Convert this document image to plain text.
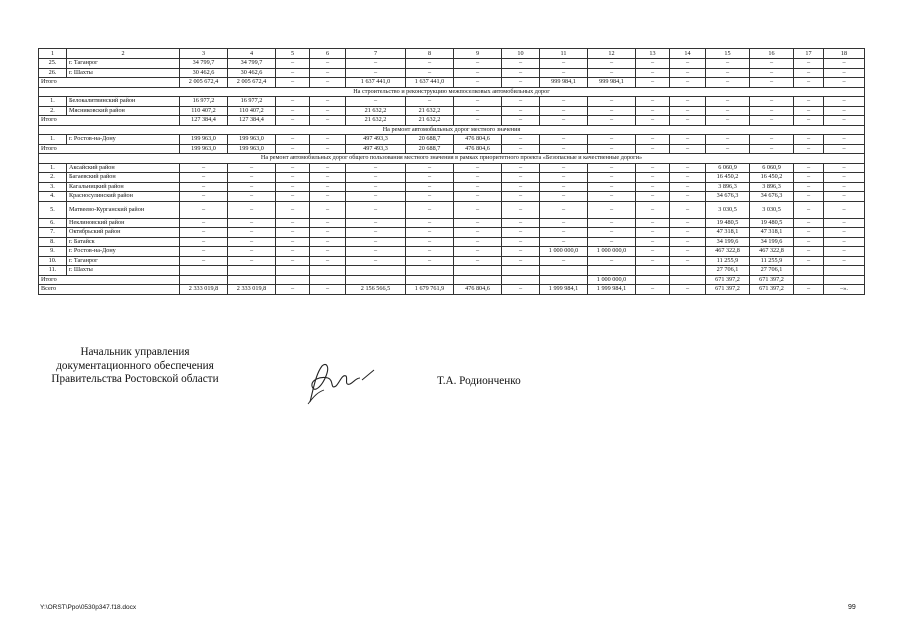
1	2	3	4	5	6	7	8	9	10	11	12	13	14	15	16	17	18
25.	г. Таганрог	34 799,7	34 799,7	–	–	–	–	–	–	–	–	–	–	–	–	–	–
26.	г. Шахты	30 462,6	30 462,6	–	–	–	–	–	–	–	–	–	–	–	–	–	–
Итого		2 005 672,4	2 005 672,4	–	–	1 637 441,0	1 637 441,0	–	–	999 984,1	999 984,1	–	–	–	–	–	–
На строительство и реконструкцию межпоселковых автомобильных дорог																	
1.	Белокалитвинский район	16 977,2	16 977,2	–	–	–	–	–	–	–	–	–	–	–	–	–	–
2.	Мясниковский район	110 407,2	110 407,2	–	–	21 632,2	21 632,2	–	–	–	–	–	–	–	–	–	–
Итого		127 384,4	127 384,4	–	–	21 632,2	21 632,2	–	–	–	–	–	–	–	–	–	–
На ремонт автомобильных дорог местного значения																	
1.	г. Ростов-на-Дону	199 963,0	199 963,0	–	–	497 493,3	20 688,7	476 804,6	–	–	–	–	–	–	–	–	–
Итого		199 963,0	199 963,0	–	–	497 493,3	20 688,7	476 804,6	–	–	–	–	–	–	–	–	–
На ремонт автомобильных дорог общего пользования местного значения в рамках приоритетного проекта «Безопасные и качественные дороги»																	
1.	Аксайский район	–	–	–	–	–	–	–	–	–	–	–	–	6 060,9	6 060,9	–	–
2.	Багаевский район	–	–	–	–	–	–	–	–	–	–	–	–	16 450,2	16 450,2	–	–
3.	Кагальницкий район	–	–	–	–	–	–	–	–	–	–	–	–	3 896,3	3 896,3	–	–
4.	Красносулинский район	–	–	–	–	–	–	–	–	–	–	–	–	34 676,3	34 676,3	–	–
5.	Матвеево-Курганский район	–	–	–	–	–	–	–	–	–	–	–	–	3 030,5	3 030,5	–	–
6.	Неклиновский район	–	–	–	–	–	–	–	–	–	–	–	–	19 480,5	19 480,5	–	–
7.	Октябрьский район	–	–	–	–	–	–	–	–	–	–	–	–	47 318,1	47 318,1	–	–
8.	г. Батайск	–	–	–	–	–	–	–	–	–	–	–	–	34 199,6	34 199,6	–	–
9.	г. Ростов-на-Дону	–	–	–	–	–	–	–	–	1 000 000,0	1 000 000,0	–	–	467 322,8	467 322,8	–	–
10.	г. Таганрог	–	–	–	–	–	–	–	–	–	–	–	–	11 255,9	11 255,9	–	–
11.	г. Шахты													27 706,1	27 706,1		
Итого											1 000 000,0			671 397,2	671 397,2		
Всего		2 333 019,8	2 333 019,8	–	–	2 156 566,5	1 679 761,9	476 804,6	–	1 999 984,1	1 999 984,1	–	–	671 397,2	671 397,2	–	–».
Начальник управления
документационного обеспечения
Правительства Ростовской области	Т.А. Родионченко
Y:\ORST\Ppo\0530p347.f18.docx	99
